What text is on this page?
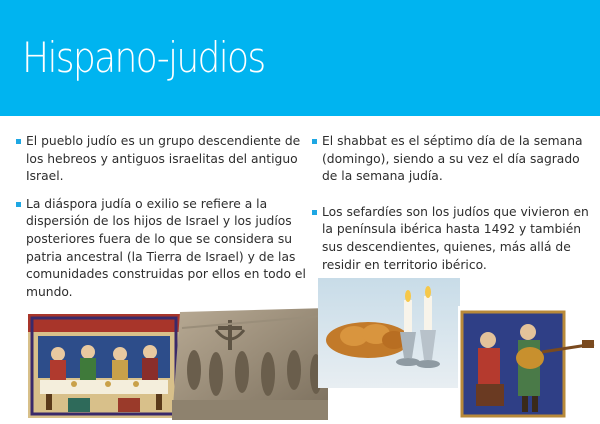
Hispano-judios
El pueblo judío es un grupo descendiente de los hebreos y antiguos israelitas del antiguo Israel.
La diáspora judía o exilio se refiere a la dispersión de los hijos de Israel y los judíos posteriores fuera de lo que se considera su patria ancestral (la Tierra de Israel) y de las comunidades construidas por ellos en todo el mundo.
El shabbat es el séptimo día de la semana (domingo), siendo a su vez el día sagrado de la semana judía.
Los sefardíes son los judíos que vivieron en la península ibérica hasta 1492 y también sus descendientes, quienes, más allá de residir en territorio ibérico.
